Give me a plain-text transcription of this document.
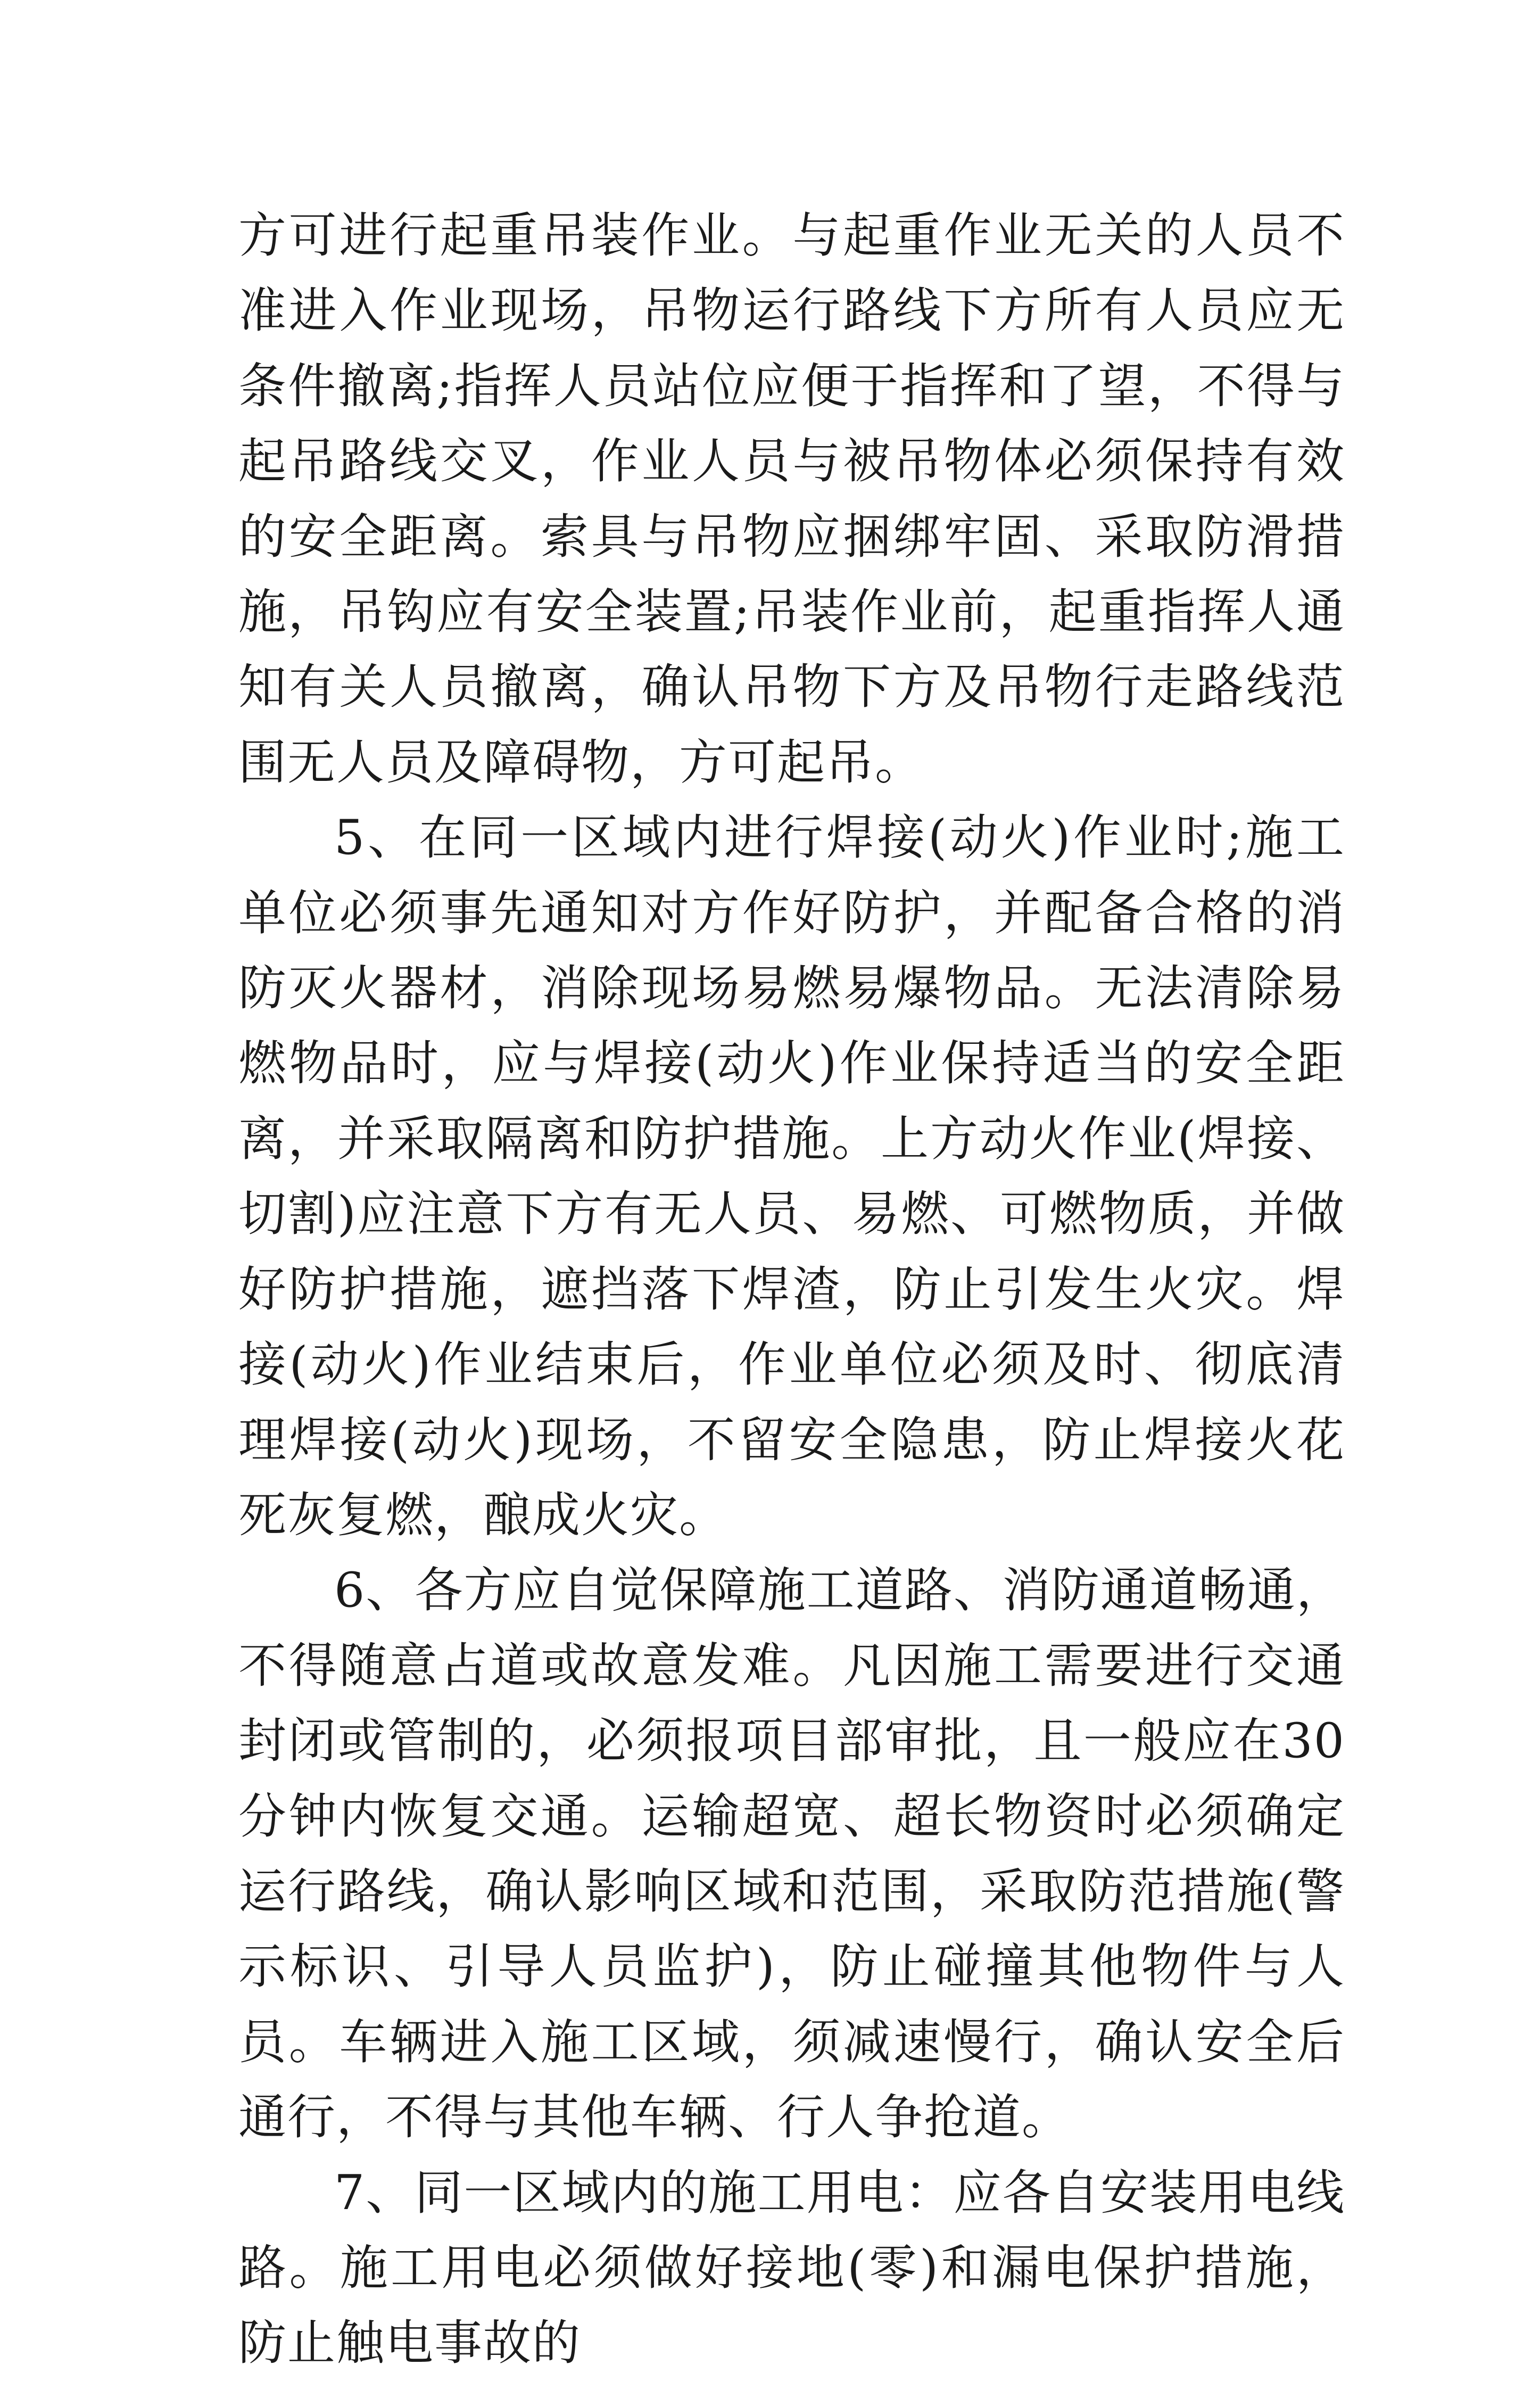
方可进行起重吊装作业。与起重作业无关的人员不准进入作业现场，吊物运行路线下方所有人员应无条件撤离;指挥人员站位应便于指挥和了望，不得与起吊路线交叉，作业人员与被吊物体必须保持有效的安全距离。索具与吊物应捆绑牢固、采取防滑措施，吊钩应有安全装置;吊装作业前，起重指挥人通知有关人员撤离，确认吊物下方及吊物行走路线范围无人员及障碍物，方可起吊。

5、在同一区域内进行焊接(动火)作业时;施工单位必须事先通知对方作好防护，并配备合格的消防灭火器材，消除现场易燃易爆物品。无法清除易燃物品时，应与焊接(动火)作业保持适当的安全距离，并采取隔离和防护措施。上方动火作业(焊接、切割)应注意下方有无人员、易燃、可燃物质，并做好防护措施，遮挡落下焊渣，防止引发生火灾。焊接(动火)作业结束后，作业单位必须及时、彻底清理焊接(动火)现场，不留安全隐患，防止焊接火花死灰复燃，酿成火灾。

6、各方应自觉保障施工道路、消防通道畅通，不得随意占道或故意发难。凡因施工需要进行交通封闭或管制的，必须报项目部审批，且一般应在30分钟内恢复交通。运输超宽、超长物资时必须确定运行路线，确认影响区域和范围，采取防范措施(警示标识、引导人员监护)，防止碰撞其他物件与人员。车辆进入施工区域，须减速慢行，确认安全后通行，不得与其他车辆、行人争抢道。

7、同一区域内的施工用电：应各自安装用电线路。施工用电必须做好接地(零)和漏电保护措施，防止触电事故的
